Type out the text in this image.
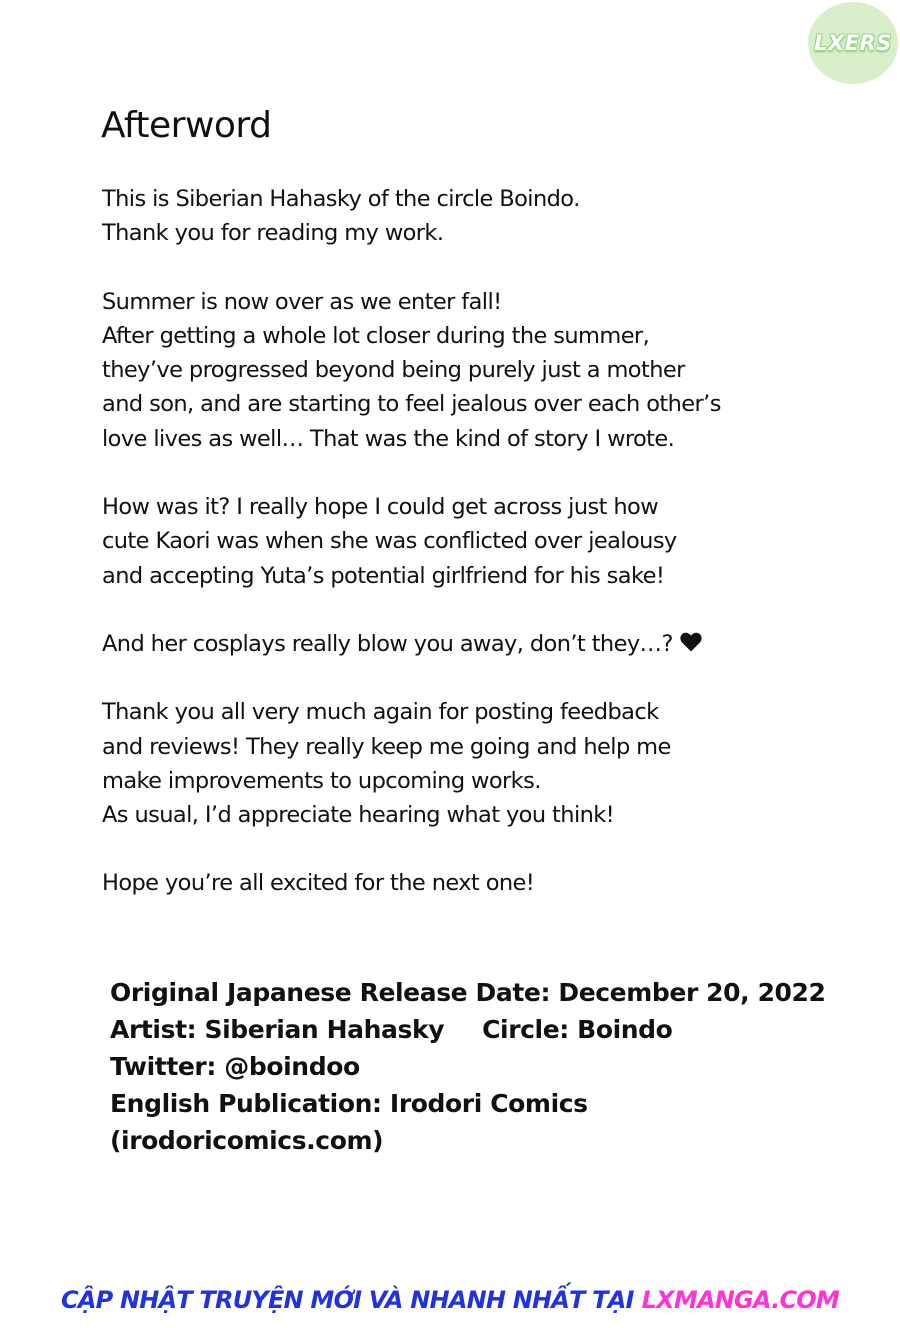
LXERS
Afterword

This is Siberian Hahasky of the circle Boindo.
Thank you for reading my work.

Summer is now over as we enter fall!
After getting a whole lot closer during the summer,
they’ve progressed beyond being purely just a mother
and son, and are starting to feel jealous over each other’s
love lives as well… That was the kind of story I wrote.

How was it? I really hope I could get across just how
cute Kaori was when she was conflicted over jealousy
and accepting Yuta’s potential girlfriend for his sake!

And her cosplays really blow you away, don’t they…?

Thank you all very much again for posting feedback
and reviews! They really keep me going and help me
make improvements to upcoming works.
As usual, I’d appreciate hearing what you think!

Hope you’re all excited for the next one!

Original Japanese Release Date: December 20, 2022
Artist: Siberian Hahasky Circle: Boindo
Twitter: @boindoo
English Publication: Irodori Comics
(irodoricomics.com)
CẬP NHẬT TRUYỆN MỚI VÀ NHANH NHẤT TẠI LXMANGA.COM
